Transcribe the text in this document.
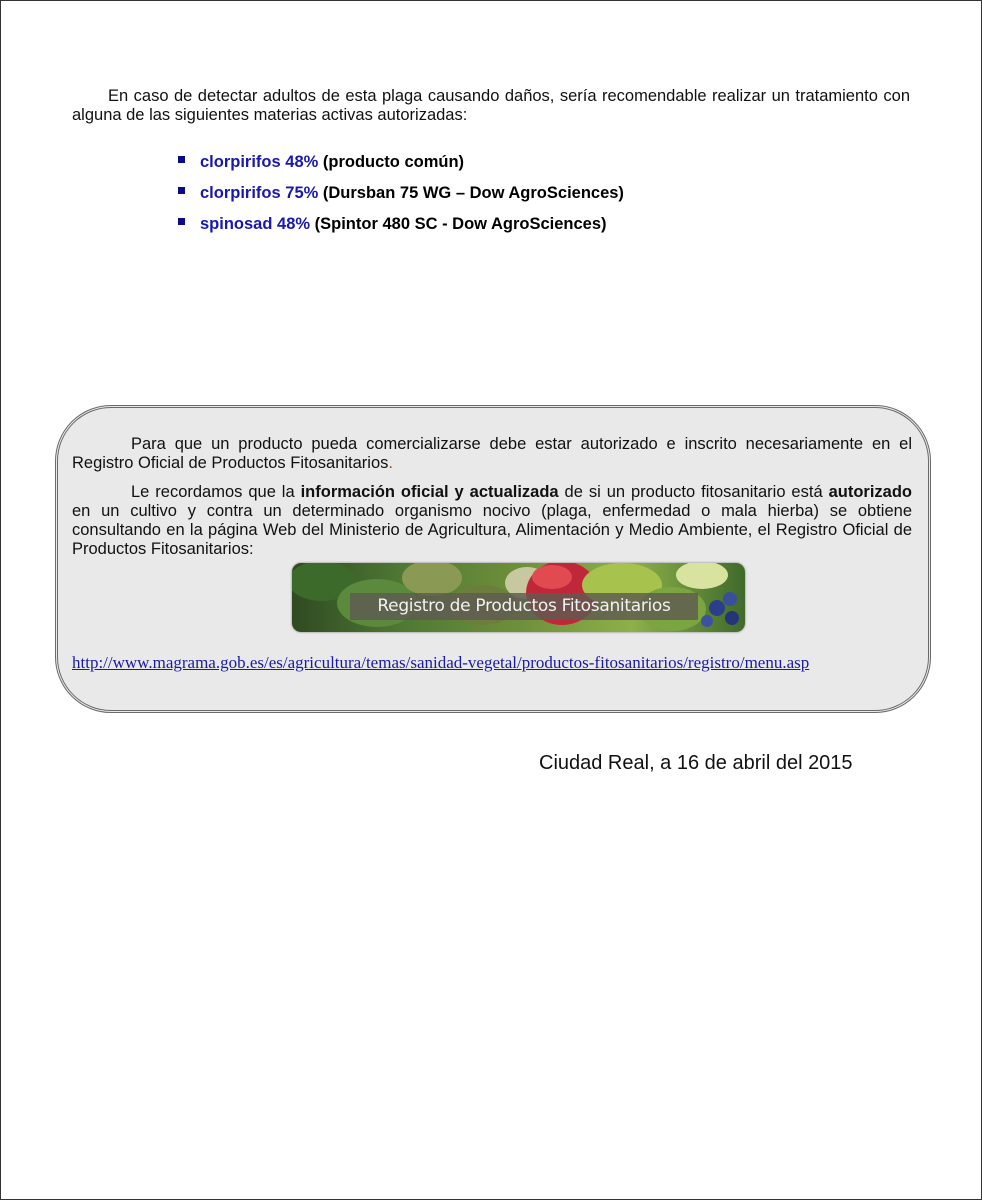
En caso de detectar adultos de esta plaga causando daños, sería recomendable realizar un tratamiento con alguna de las siguientes materias activas autorizadas:

clorpirifos 48% (producto común)
clorpirifos 75% (Dursban 75 WG – Dow AgroSciences)
spinosad 48% (Spintor 480 SC - Dow AgroSciences)

Para que un producto pueda comercializarse debe estar autorizado e inscrito necesariamente en el Registro Oficial de Productos Fitosanitarios.

Le recordamos que la información oficial y actualizada de si un producto fitosanitario está autorizado en un cultivo y contra un determinado organismo nocivo (plaga, enfermedad o mala hierba) se obtiene consultando en la página Web del Ministerio de Agricultura, Alimentación y Medio Ambiente, el Registro Oficial de Productos Fitosanitarios:

Registro de Productos Fitosanitarios
http://www.magrama.gob.es/es/agricultura/temas/sanidad-vegetal/productos-fitosanitarios/registro/menu.asp
Ciudad Real, a 16 de abril del 2015
